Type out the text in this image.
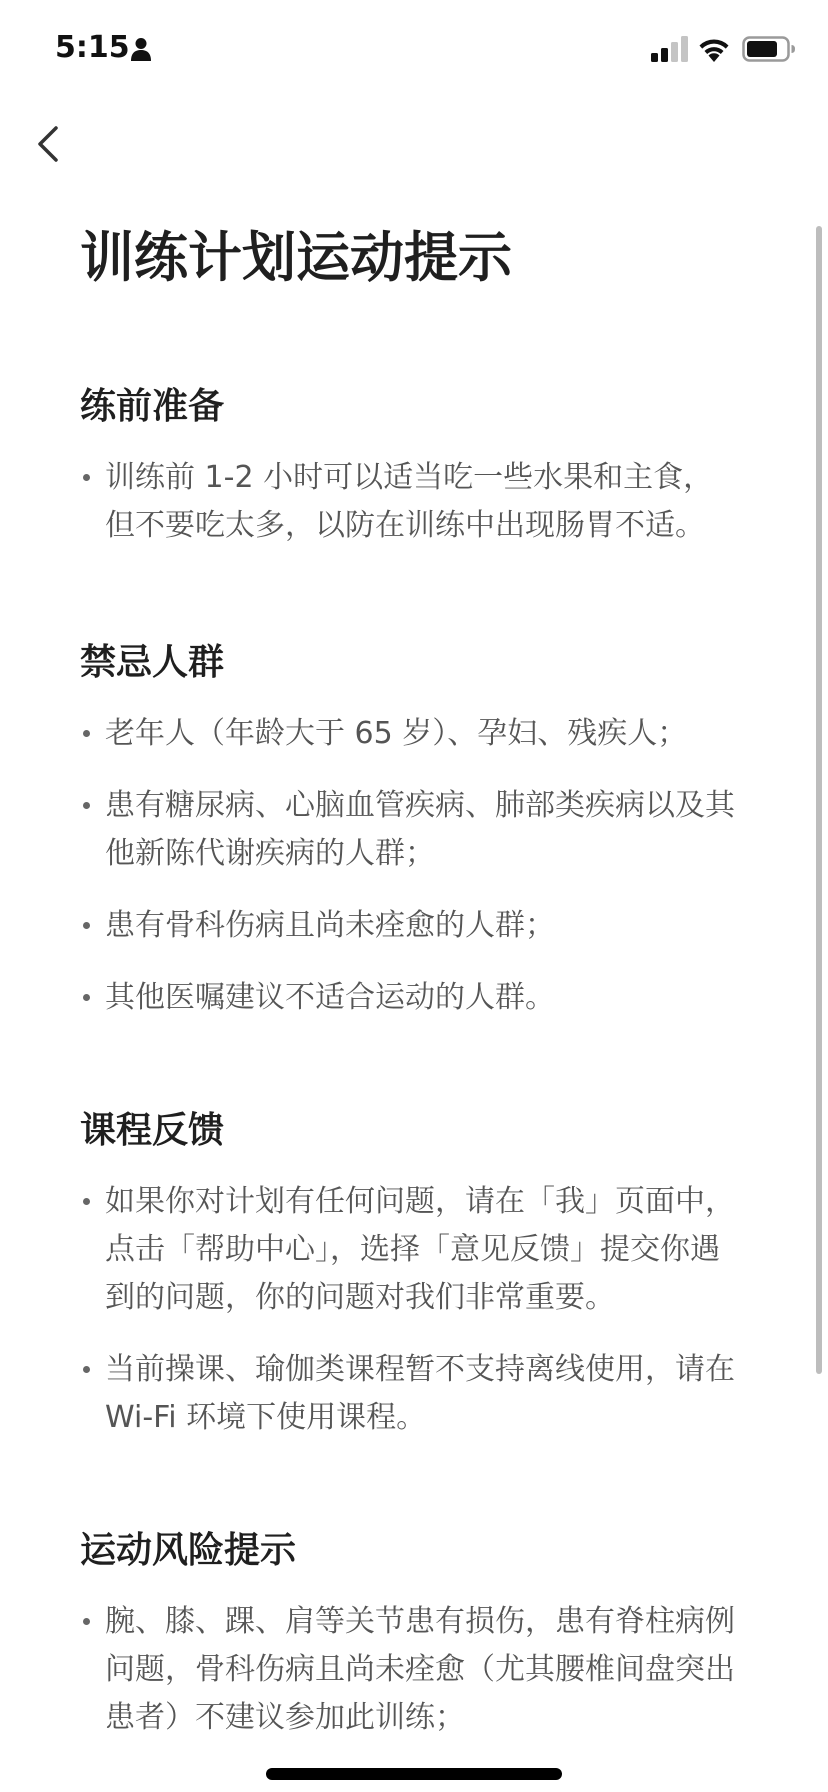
5:15
训练计划运动提示
练前准备
训练前 1-2 小时可以适当吃一些水果和主食，但不要吃太多，以防在训练中出现肠胃不适。
禁忌人群
老年人（年龄大于 65 岁）、孕妇、残疾人；
患有糖尿病、心脑血管疾病、肺部类疾病以及其他新陈代谢疾病的人群；
患有骨科伤病且尚未痊愈的人群；
其他医嘱建议不适合运动的人群。
课程反馈
如果你对计划有任何问题，请在「我」页面中，点击「帮助中心」，选择「意见反馈」提交你遇到的问题，你的问题对我们非常重要。
当前操课、瑜伽类课程暂不支持离线使用，请在 Wi-Fi 环境下使用课程。
运动风险提示
腕、膝、踝、肩等关节患有损伤，患有脊柱病例问题，骨科伤病且尚未痊愈（尤其腰椎间盘突出患者）不建议参加此训练；
